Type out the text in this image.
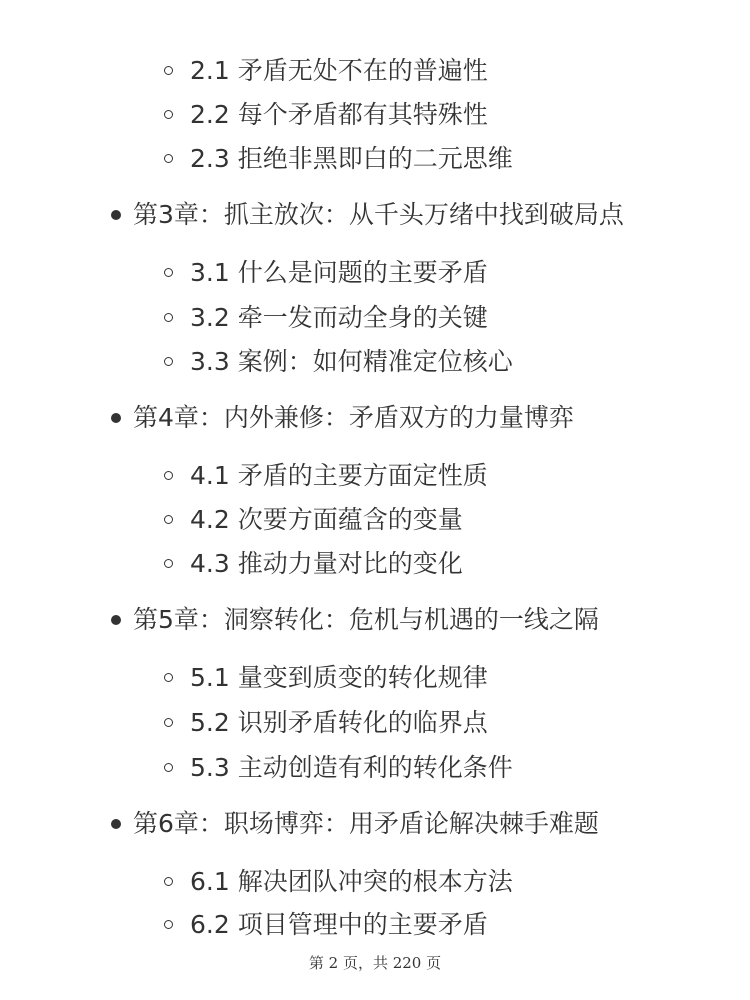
2.1 矛盾无处不在的普遍性
2.2 每个矛盾都有其特殊性
2.3 拒绝非黑即白的二元思维
第3章：抓主放次：从千头万绪中找到破局点
3.1 什么是问题的主要矛盾
3.2 牵一发而动全身的关键
3.3 案例：如何精准定位核心
第4章：内外兼修：矛盾双方的力量博弈
4.1 矛盾的主要方面定性质
4.2 次要方面蕴含的变量
4.3 推动力量对比的变化
第5章：洞察转化：危机与机遇的一线之隔
5.1 量变到质变的转化规律
5.2 识别矛盾转化的临界点
5.3 主动创造有利的转化条件
第6章：职场博弈：用矛盾论解决棘手难题
6.1 解决团队冲突的根本方法
6.2 项目管理中的主要矛盾
第 2 页，共 220 页
